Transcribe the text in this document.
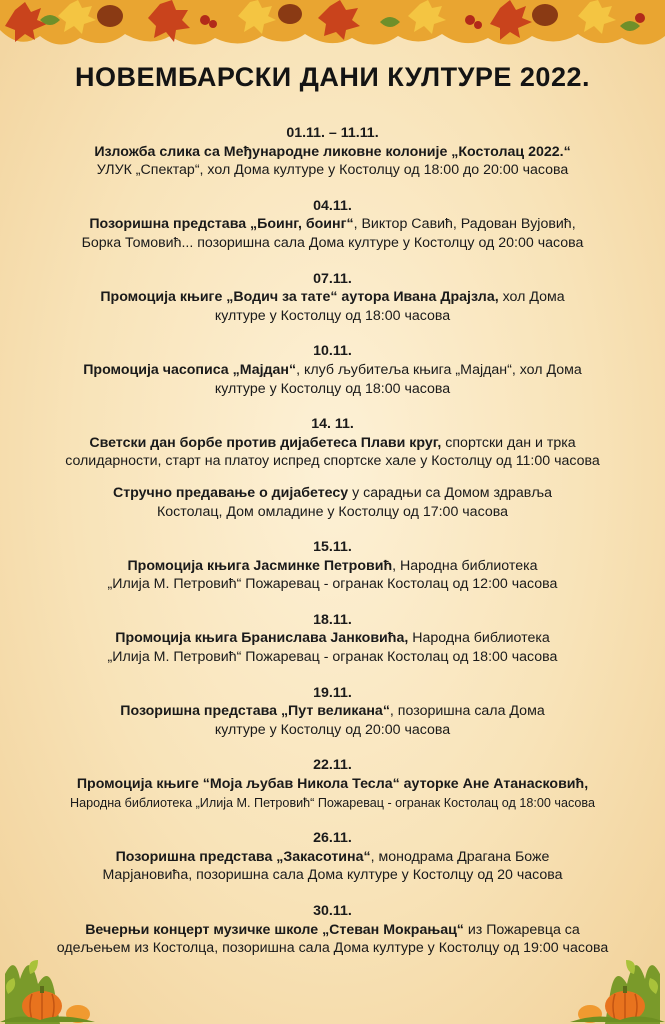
НОВЕМБАРСКИ ДАНИ КУЛТУРЕ 2022.
01.11. – 11.11.
Изложба слика са Међународне ликовне колоније „Костолац 2022.“
УЛУК „Спектар“, хол Дома културе у Костолцу од 18:00 до 20:00 часова
04.11.
Позоришна представа „Боинг, боинг“, Виктор Савић, Радован Вујовић,
Борка Томовић... позоришна сала Дома културе у Костолцу од 20:00 часова
07.11.
Промоција књиге „Водич за тате“ аутора Ивана Драјзла, хол Дома
културе у Костолцу од 18:00 часова
10.11.
Промоција часописа „Мајдан“, клуб љубитеља књига „Мајдан“, хол Дома
културе у Костолцу од 18:00 часова
14. 11.
Светски дан борбе против дијабетеса Плави круг, спортски дан и трка
солидарности, старт на платоу испред спортске хале у Костолцу од 11:00 часова
Стручно предавање о дијабетесу у сарадњи са Домом здравља
Костолац, Дом омладине у Костолцу од 17:00 часова
15.11.
Промоција књига Јасминке Петровић, Народна библиотека
„Илија М. Петровић“ Пожаревац - огранак Костолац од 12:00 часова
18.11.
Промоција књига Бранислава Јанковића, Народна библиотека
„Илија М. Петровић“ Пожаревац - огранак Костолац од 18:00 часова
19.11.
Позоришна представа „Пут великана“, позоришна сала Дома
културе у Костолцу од 20:00 часова
22.11.
Промоција књиге “Моја љубав Никола Тесла“ ауторке Ане Атанасковић,
Народна библиотека „Илија М. Петровић“ Пожаревац - огранак Костолац од 18:00 часова
26.11.
Позоришна представа „Закасотина“, монодрама Драгана Боже
Марјановића, позоришна сала Дома културе у Костолцу од 20 часова
30.11.
Вечерњи концерт музичке школе „Стеван Мокрањац“ из Пожаревца са
одељењем из Костолца, позоришна сала Дома културе у Костолцу од 19:00 часова
